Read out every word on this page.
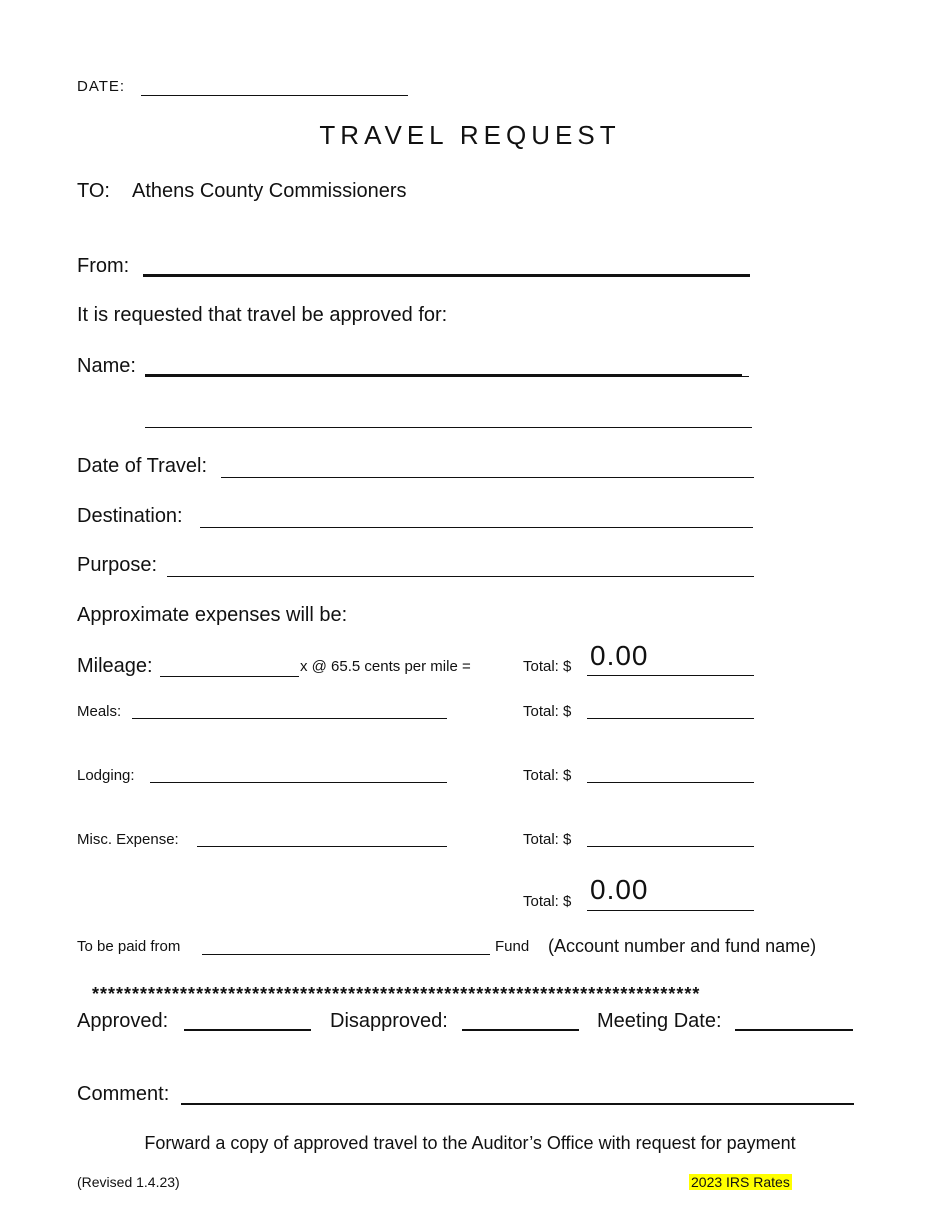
DATE:
TRAVEL REQUEST
TO: Athens County Commissioners
From:
It is requested that travel be approved for:
Name:
Date of Travel:
Destination:
Purpose:
Approximate expenses will be:
Mileage:	x @ 65.5 cents per mile =	Total: $ 0.00
Meals:	Total: $
Lodging:	Total: $
Misc. Expense:	Total: $
Total: $ 0.00
To be paid from	Fund (Account number and fund name)
****************************************************************************
Approved:	Disapproved:	Meeting Date:
Comment:
Forward a copy of approved travel to the Auditor’s Office with request for payment
(Revised 1.4.23)	2023 IRS Rates
